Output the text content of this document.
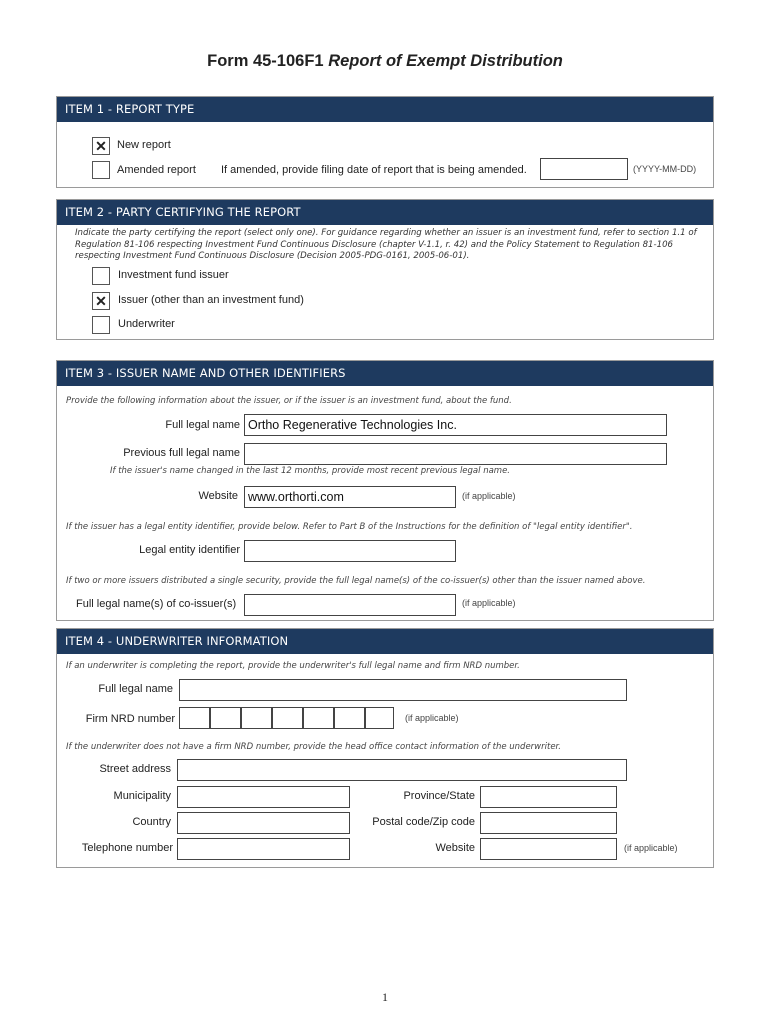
Form 45-106F1 Report of Exempt Distribution
ITEM 1 - REPORT TYPE
✕ New report
Amended report If amended, provide filing date of report that is being amended.	(YYYY-MM-DD)
ITEM 2 - PARTY CERTIFYING THE REPORT
Indicate the party certifying the report (select only one). For guidance regarding whether an issuer is an investment fund, refer to section 1.1 of Regulation 81-106 respecting Investment Fund Continuous Disclosure (chapter V-1.1, r. 42) and the Policy Statement to Regulation 81-106 respecting Investment Fund Continuous Disclosure (Decision 2005-PDG-0161, 2005-06-01).
Investment fund issuer
✕ Issuer (other than an investment fund)
Underwriter
ITEM 3 - ISSUER NAME AND OTHER IDENTIFIERS
Provide the following information about the issuer, or if the issuer is an investment fund, about the fund.
Full legal name Ortho Regenerative Technologies Inc.
Previous full legal name
If the issuer's name changed in the last 12 months, provide most recent previous legal name.
Website www.orthorti.com	(if applicable)
If the issuer has a legal entity identifier, provide below. Refer to Part B of the Instructions for the definition of "legal entity identifier".
Legal entity identifier
If two or more issuers distributed a single security, provide the full legal name(s) of the co-issuer(s) other than the issuer named above.
Full legal name(s) of co-issuer(s)	(if applicable)
ITEM 4 - UNDERWRITER INFORMATION
If an underwriter is completing the report, provide the underwriter's full legal name and firm NRD number.
Full legal name
Firm NRD number	(if applicable)
If the underwriter does not have a firm NRD number, provide the head office contact information of the underwriter.
Street address
Municipality	Province/State
Country	Postal code/Zip code
Telephone number	Website	(if applicable)
1
